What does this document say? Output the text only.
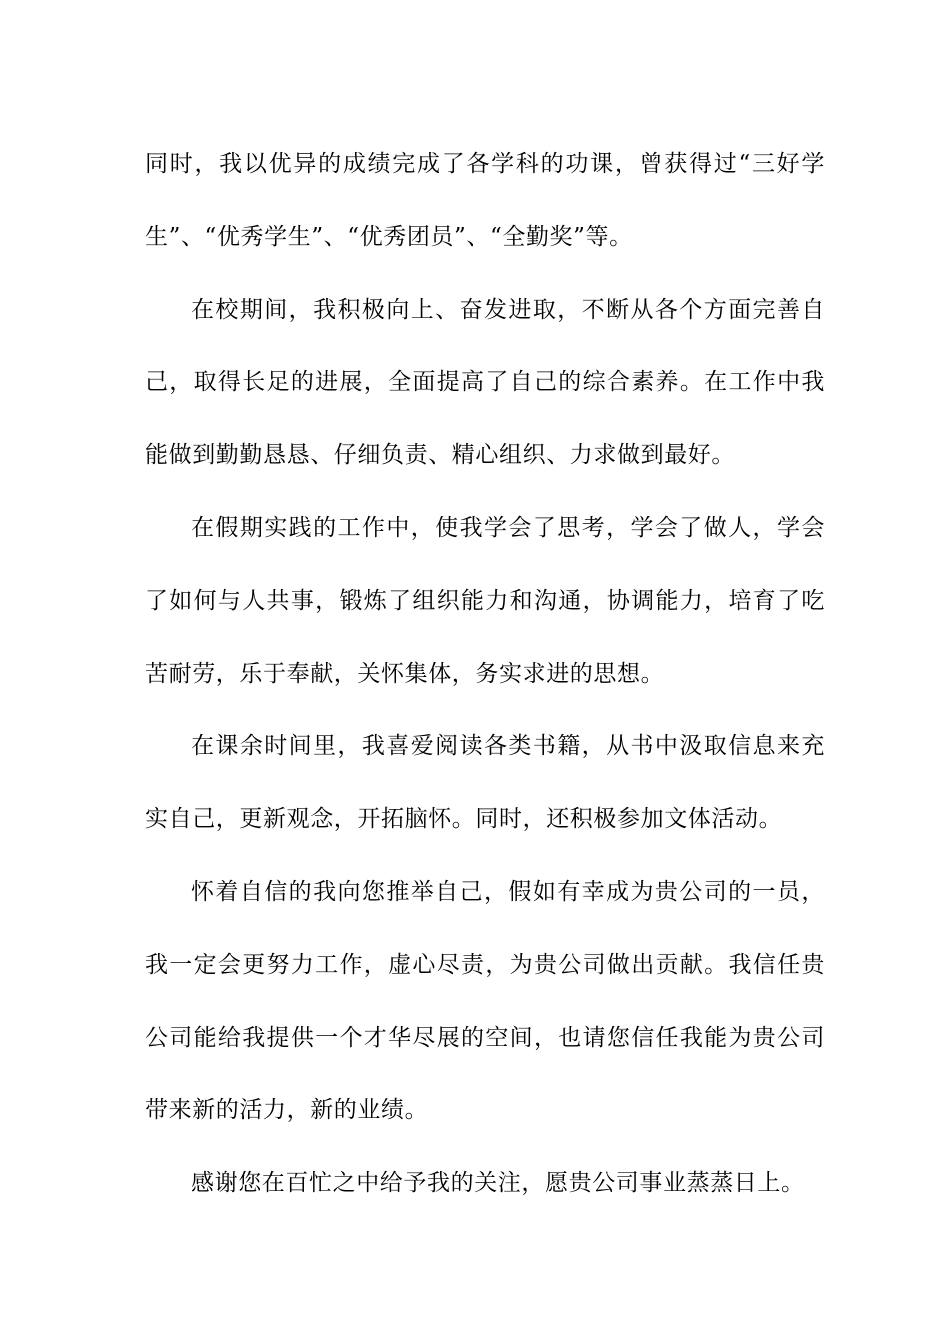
同时，我以优异的成绩完成了各学科的功课，曾获得过“三好学生”、“优秀学生”、“优秀团员”、“全勤奖”等。

在校期间，我积极向上、奋发进取，不断从各个方面完善自己，取得长足的进展，全面提高了自己的综合素养。在工作中我能做到勤勤恳恳、仔细负责、精心组织、力求做到最好。

在假期实践的工作中，使我学会了思考，学会了做人，学会了如何与人共事，锻炼了组织能力和沟通，协调能力，培育了吃苦耐劳，乐于奉献，关怀集体，务实求进的思想。

在课余时间里，我喜爱阅读各类书籍，从书中汲取信息来充实自己，更新观念，开拓脑怀。同时，还积极参加文体活动。

怀着自信的我向您推举自己，假如有幸成为贵公司的一员，我一定会更努力工作，虚心尽责，为贵公司做出贡献。我信任贵公司能给我提供一个才华尽展的空间，也请您信任我能为贵公司带来新的活力，新的业绩。

感谢您在百忙之中给予我的关注，愿贵公司事业蒸蒸日上。
